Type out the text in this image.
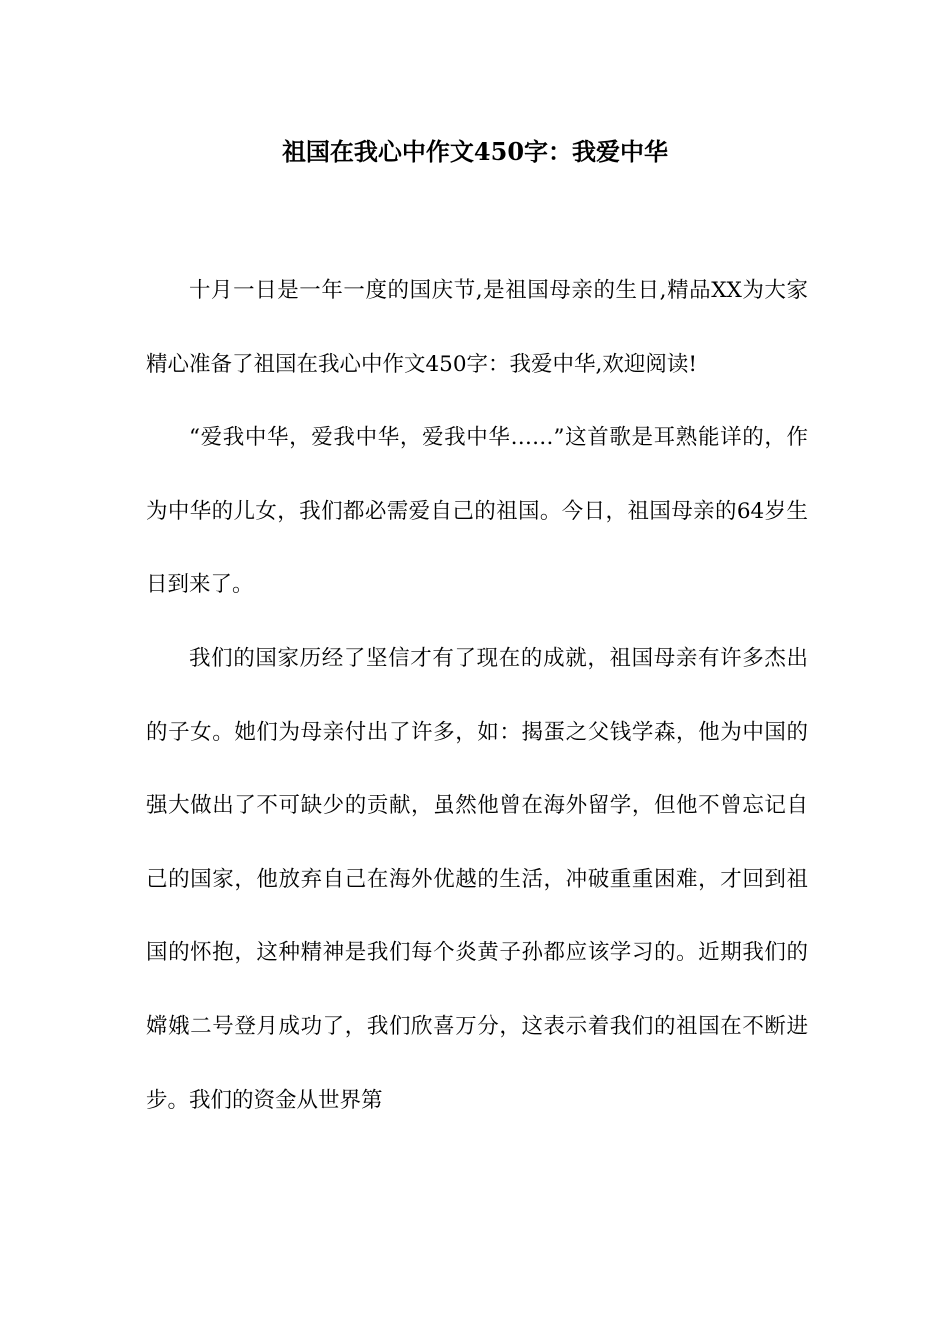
祖国在我心中作文450字：我爱中华

十月一日是一年一度的国庆节,是祖国母亲的生日,精品XX为大家精心准备了祖国在我心中作文450字：我爱中华,欢迎阅读!

“爱我中华，爱我中华，爱我中华……”这首歌是耳熟能详的，作为中华的儿女，我们都必需爱自己的祖国。今日，祖国母亲的64岁生日到来了。

我们的国家历经了坚信才有了现在的成就，祖国母亲有许多杰出的子女。她们为母亲付出了许多，如：揭蛋之父钱学森，他为中国的强大做出了不可缺少的贡献，虽然他曾在海外留学，但他不曾忘记自己的国家，他放弃自己在海外优越的生活，冲破重重困难，才回到祖国的怀抱，这种精神是我们每个炎黄子孙都应该学习的。近期我们的嫦娥二号登月成功了，我们欣喜万分，这表示着我们的祖国在不断进步。我们的资金从世界第
